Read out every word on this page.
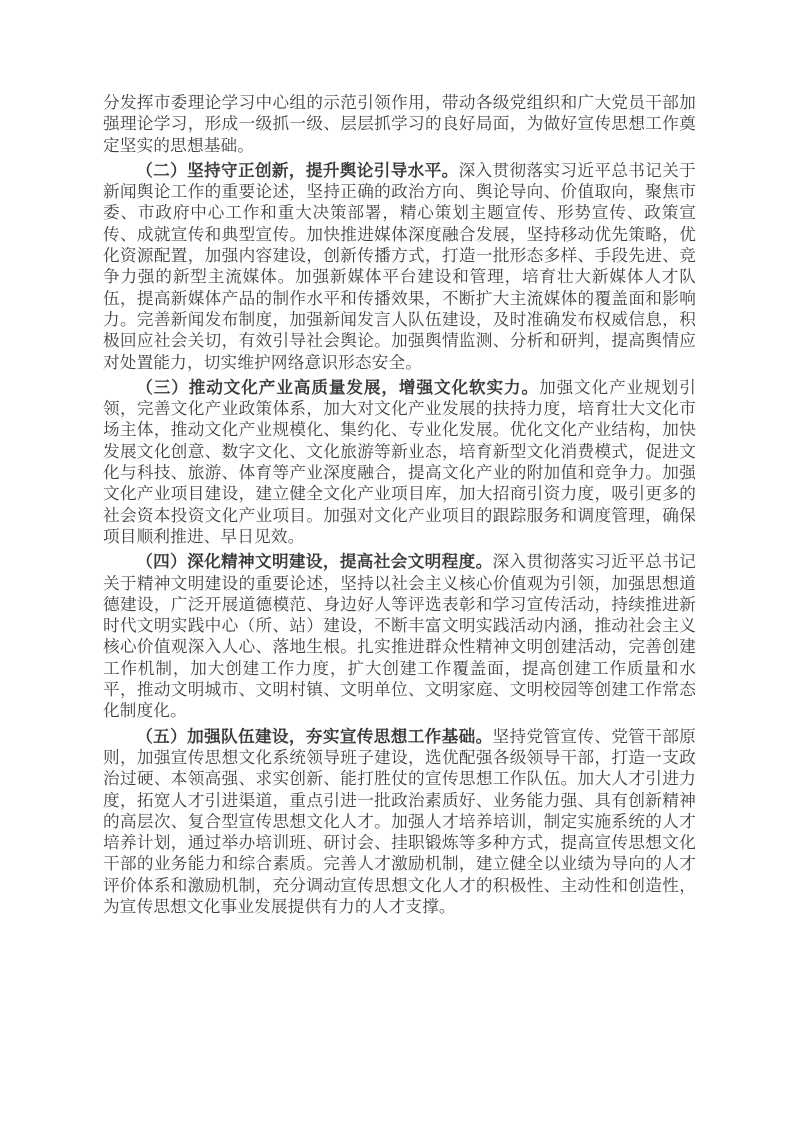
分发挥市委理论学习中心组的示范引领作用，带动各级党组织和广大党员干部加强理论学习，形成一级抓一级、层层抓学习的良好局面，为做好宣传思想工作奠定坚实的思想基础。

（二）坚持守正创新，提升舆论引导水平。深入贯彻落实习近平总书记关于新闻舆论工作的重要论述，坚持正确的政治方向、舆论导向、价值取向，聚焦市委、市政府中心工作和重大决策部署，精心策划主题宣传、形势宣传、政策宣传、成就宣传和典型宣传。加快推进媒体深度融合发展，坚持移动优先策略，优化资源配置，加强内容建设，创新传播方式，打造一批形态多样、手段先进、竞争力强的新型主流媒体。加强新媒体平台建设和管理，培育壮大新媒体人才队伍，提高新媒体产品的制作水平和传播效果，不断扩大主流媒体的覆盖面和影响力。完善新闻发布制度，加强新闻发言人队伍建设，及时准确发布权威信息，积极回应社会关切，有效引导社会舆论。加强舆情监测、分析和研判，提高舆情应对处置能力，切实维护网络意识形态安全。

（三）推动文化产业高质量发展，增强文化软实力。加强文化产业规划引领，完善文化产业政策体系，加大对文化产业发展的扶持力度，培育壮大文化市场主体，推动文化产业规模化、集约化、专业化发展。优化文化产业结构，加快发展文化创意、数字文化、文化旅游等新业态，培育新型文化消费模式，促进文化与科技、旅游、体育等产业深度融合，提高文化产业的附加值和竞争力。加强文化产业项目建设，建立健全文化产业项目库，加大招商引资力度，吸引更多的社会资本投资文化产业项目。加强对文化产业项目的跟踪服务和调度管理，确保项目顺利推进、早日见效。

（四）深化精神文明建设，提高社会文明程度。深入贯彻落实习近平总书记关于精神文明建设的重要论述，坚持以社会主义核心价值观为引领，加强思想道德建设，广泛开展道德模范、身边好人等评选表彰和学习宣传活动，持续推进新时代文明实践中心（所、站）建设，不断丰富文明实践活动内涵，推动社会主义核心价值观深入人心、落地生根。扎实推进群众性精神文明创建活动，完善创建工作机制，加大创建工作力度，扩大创建工作覆盖面，提高创建工作质量和水平，推动文明城市、文明村镇、文明单位、文明家庭、文明校园等创建工作常态化制度化。

（五）加强队伍建设，夯实宣传思想工作基础。坚持党管宣传、党管干部原则，加强宣传思想文化系统领导班子建设，选优配强各级领导干部，打造一支政治过硬、本领高强、求实创新、能打胜仗的宣传思想工作队伍。加大人才引进力度，拓宽人才引进渠道，重点引进一批政治素质好、业务能力强、具有创新精神的高层次、复合型宣传思想文化人才。加强人才培养培训，制定实施系统的人才培养计划，通过举办培训班、研讨会、挂职锻炼等多种方式，提高宣传思想文化干部的业务能力和综合素质。完善人才激励机制，建立健全以业绩为导向的人才评价体系和激励机制，充分调动宣传思想文化人才的积极性、主动性和创造性，为宣传思想文化事业发展提供有力的人才支撑。
